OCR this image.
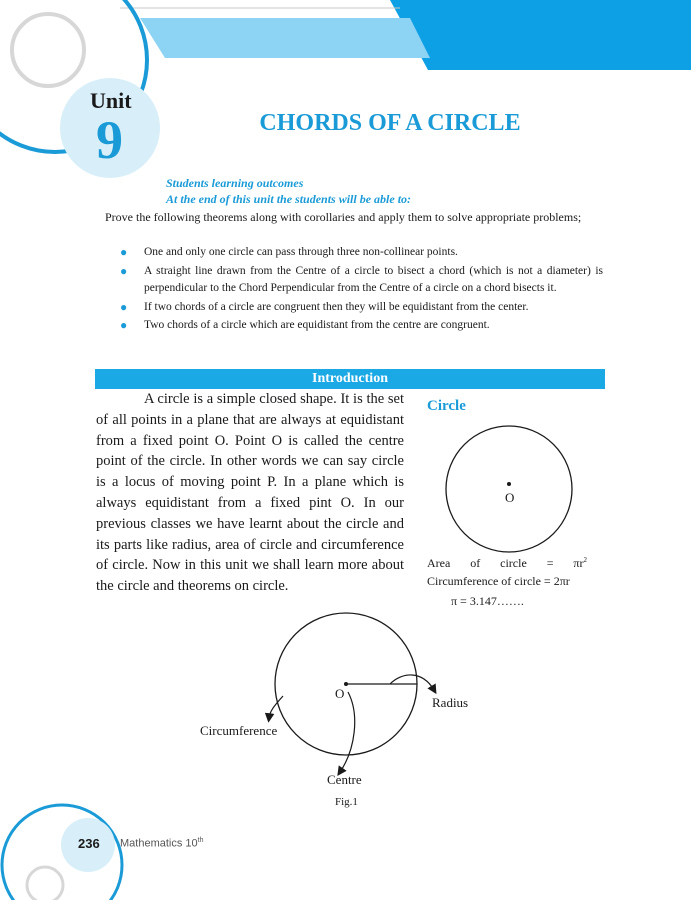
Unit
9	CHORDS OF A CIRCLE
Students learning outcomes
At the end of this unit the students will be able to:
Prove the following theorems along with corollaries and apply them to solve appropriate problems;
● One and only one circle can pass through three non-collinear points.
● A straight line drawn from the Centre of a circle to bisect a chord (which is not a diameter) is perpendicular to the Chord Perpendicular from the Centre of a circle on a chord bisects it.
● If two chords of a circle are congruent then they will be equidistant from the center.
● Two chords of a circle which are equidistant from the centre are congruent.
Introduction
A circle is a simple closed shape. It is the set of all points in a plane that are always at equidistant from a fixed point O. Point O is called the centre point of the circle. In other words we can say circle is a locus of moving point P. In a plane which is always equidistant from a fixed pint O. In our previous classes we have learnt about the circle and its parts like radius, area of circle and circumference of circle. Now in this unit we shall learn more about the circle and theorems on circle.
Circle
O
Area of circle = $\pi r^2$
Circumference of circle = 2πr
π = 3.147…….
O
Radius
Circumference
Centre
Fig.1
236 Mathematics 10th
